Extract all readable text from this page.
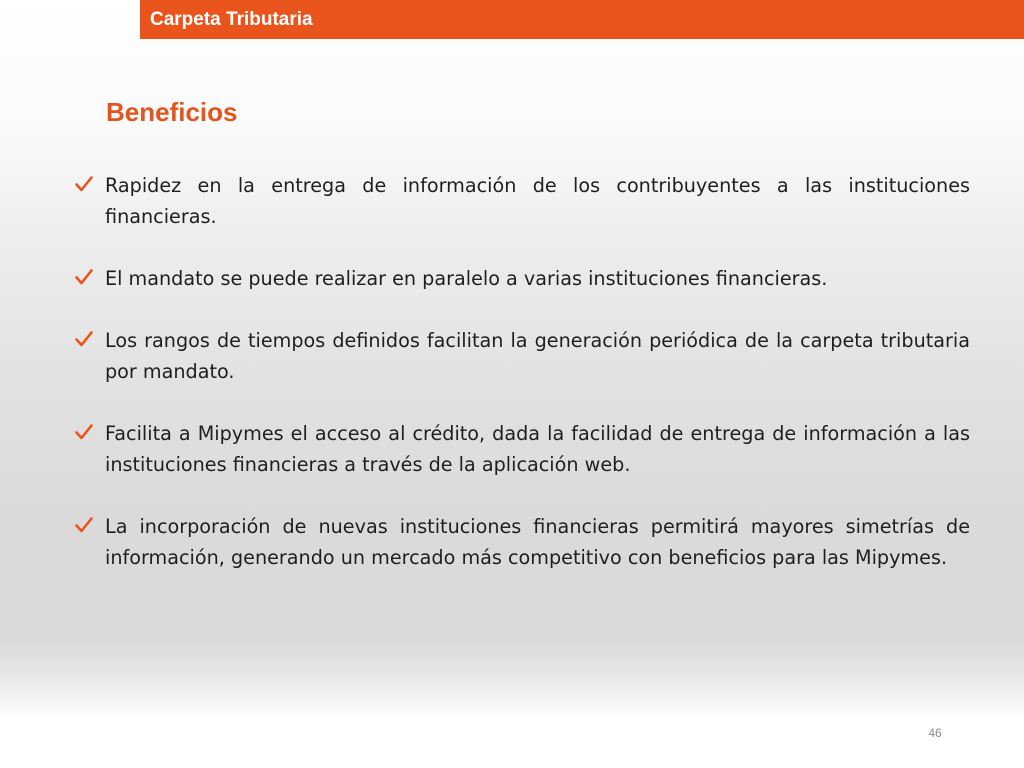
Carpeta Tributaria
Beneficios
Rapidez en la entrega de información de los contribuyentes a las instituciones financieras.
El mandato se puede realizar en paralelo a varias instituciones financieras.
Los rangos de tiempos definidos facilitan la generación periódica de la carpeta tributaria por mandato.
Facilita a Mipymes el acceso al crédito, dada la facilidad de entrega de información a las instituciones financieras a través de la aplicación web.
La incorporación de nuevas instituciones financieras permitirá mayores simetrías de información, generando un mercado más competitivo con beneficios para las Mipymes.
46
